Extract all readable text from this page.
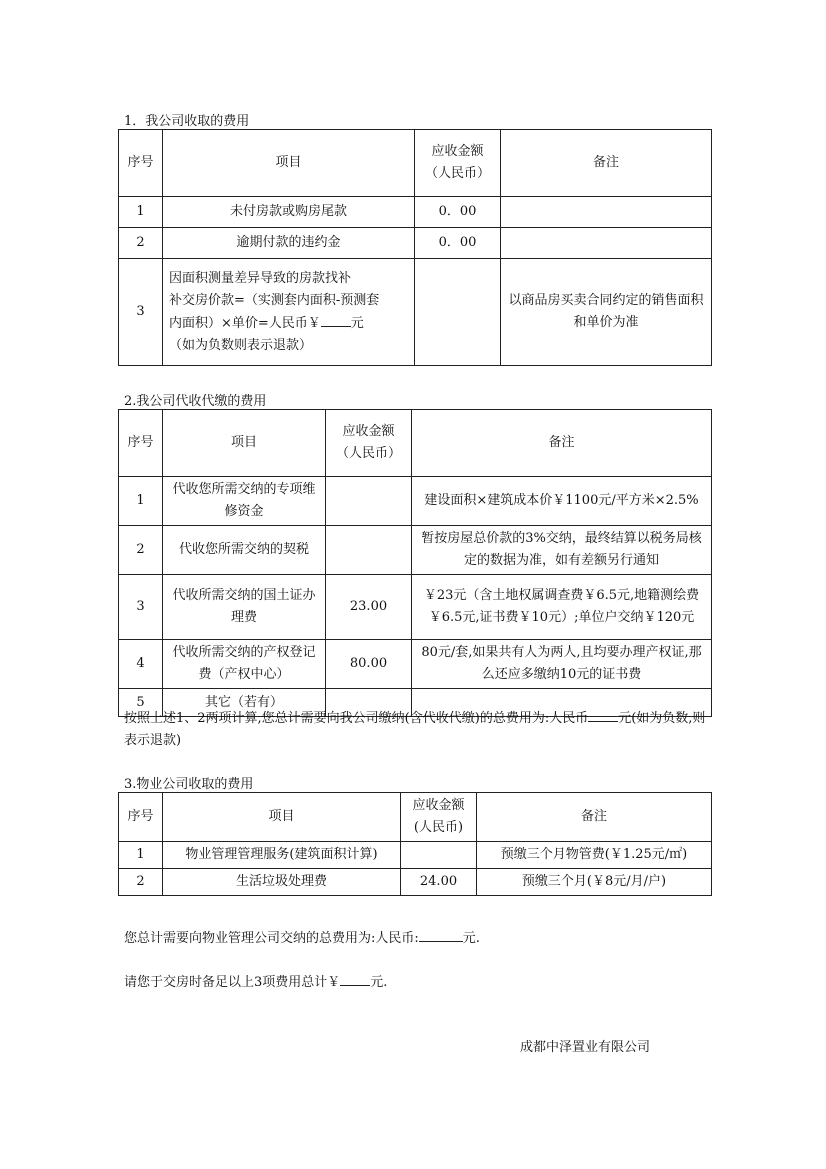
1．我公司收取的费用
序号	项目	应收金额（人民币）	备注
1	未付房款或购房尾款	0．00	
2	逾期付款的违约金	0．00	
3	因面积测量差异导致的房款找补
补交房价款=（实测套内面积-预测套
内面积）×单价=人民币￥ 元
（如为负数则表示退款）		以商品房买卖合同约定的销售面积和单价为准
2.我公司代收代缴的费用
序号	项目	应收金额（人民币）	备注
1	代收您所需交纳的专项维修资金		建设面积×建筑成本价￥1100元/平方米×2.5%
2	代收您所需交纳的契税		暂按房屋总价款的3%交纳，最终结算以税务局核定的数据为准，如有差额另行通知
3	代收所需交纳的国土证办理费	23.00	￥23元（含土地权属调查费￥6.5元,地籍测绘费￥6.5元,证书费￥10元）;单位户交纳￥120元
4	代收所需交纳的产权登记费（产权中心）	80.00	80元/套,如果共有人为两人,且均要办理产权证,那么还应多缴纳10元的证书费
5	其它（若有）		
按照上述1、2两项计算,您总计需要向我公司缴纳(含代收代缴)的总费用为:人民币 元(如为负数,则表示退款)
3.物业公司收取的费用
序号	项目	应收金额(人民币)	备注
1	物业管理管理服务(建筑面积计算)		预缴三个月物管费(￥1.25元/㎡)
2	生活垃圾处理费	24.00	预缴三个月(￥8元/月/户)
您总计需要向物业管理公司交纳的总费用为:人民币:	元.
请您于交房时备足以上3项费用总计￥ 元.
成都中泽置业有限公司
